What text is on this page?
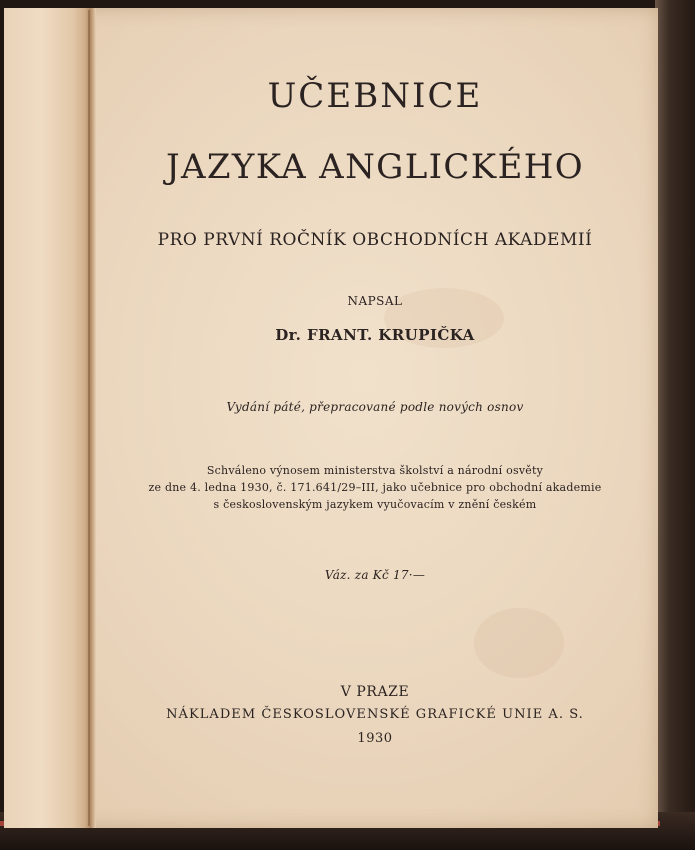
UČEBNICE
JAZYKA ANGLICKÉHO
PRO PRVNÍ ROČNÍK OBCHODNÍCH AKADEMIÍ
NAPSAL
Dr. FRANT. KRUPIČKA
Vydání páté, přepracované podle nových osnov
Schváleno výnosem ministerstva školství a národní osvěty
ze dne 4. ledna 1930, č. 171.641/29–III, jako učebnice pro obchodní akademie
s československým jazykem vyučovacím v znění českém
Váz. za Kč 17·—
V PRAZE
NÁKLADEM ČESKOSLOVENSKÉ GRAFICKÉ UNIE A. S.
1930
